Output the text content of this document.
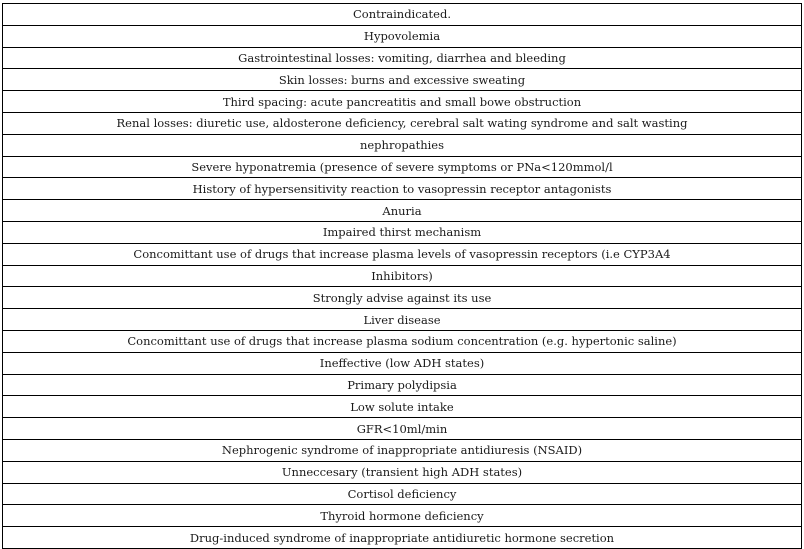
Contraindicated.
Hypovolemia
Gastrointestinal losses: vomiting, diarrhea and bleeding
Skin losses: burns and excessive sweating
Third spacing: acute pancreatitis and small bowe obstruction
Renal losses: diuretic use, aldosterone deficiency, cerebral salt wating syndrome and salt wasting
nephropathies
Severe hyponatremia (presence of severe symptoms or PNa<120mmol/l
History of hypersensitivity reaction to vasopressin receptor antagonists
Anuria
Impaired thirst mechanism
Concomittant use of drugs that increase plasma levels of vasopressin receptors (i.e CYP3A4
Inhibitors)
Strongly advise against its use
Liver disease
Concomittant use of drugs that increase plasma sodium concentration (e.g. hypertonic saline)
Ineffective (low ADH states)
Primary polydipsia
Low solute intake
GFR<10ml/min
Nephrogenic syndrome of inappropriate antidiuresis (NSAID)
Unneccesary (transient high ADH states)
Cortisol deficiency
Thyroid hormone deficiency
Drug-induced syndrome of inappropriate antidiuretic hormone secretion
